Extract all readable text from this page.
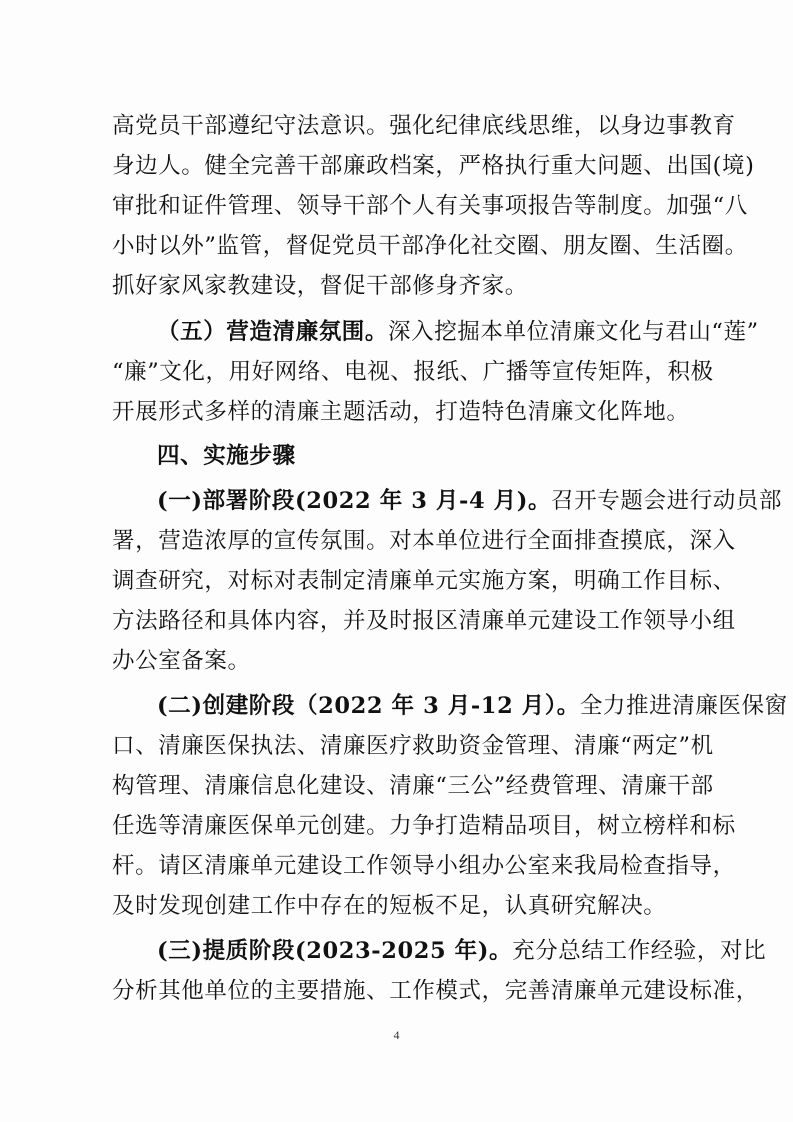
高党员干部遵纪守法意识。强化纪律底线思维，以身边事教育
身边人。健全完善干部廉政档案，严格执行重大问题、出国(境)
审批和证件管理、领导干部个人有关事项报告等制度。加强“八
小时以外”监管，督促党员干部净化社交圈、朋友圈、生活圈。
抓好家风家教建设，督促干部修身齐家。
（五）营造清廉氛围。深入挖掘本单位清廉文化与君山“莲”
“廉”文化，用好网络、电视、报纸、广播等宣传矩阵，积极
开展形式多样的清廉主题活动，打造特色清廉文化阵地。
四、实施步骤
(一)部署阶段(2022 年 3 月-4 月)。召开专题会进行动员部
署，营造浓厚的宣传氛围。对本单位进行全面排查摸底，深入
调查研究，对标对表制定清廉单元实施方案，明确工作目标、
方法路径和具体内容，并及时报区清廉单元建设工作领导小组
办公室备案。
(二)创建阶段（2022 年 3 月-12 月）。全力推进清廉医保窗
口、清廉医保执法、清廉医疗救助资金管理、清廉“两定”机
构管理、清廉信息化建设、清廉“三公”经费管理、清廉干部
任选等清廉医保单元创建。力争打造精品项目，树立榜样和标
杆。请区清廉单元建设工作领导小组办公室来我局检查指导，
及时发现创建工作中存在的短板不足，认真研究解决。
(三)提质阶段(2023-2025 年)。充分总结工作经验，对比
分析其他单位的主要措施、工作模式，完善清廉单元建设标准，
4
